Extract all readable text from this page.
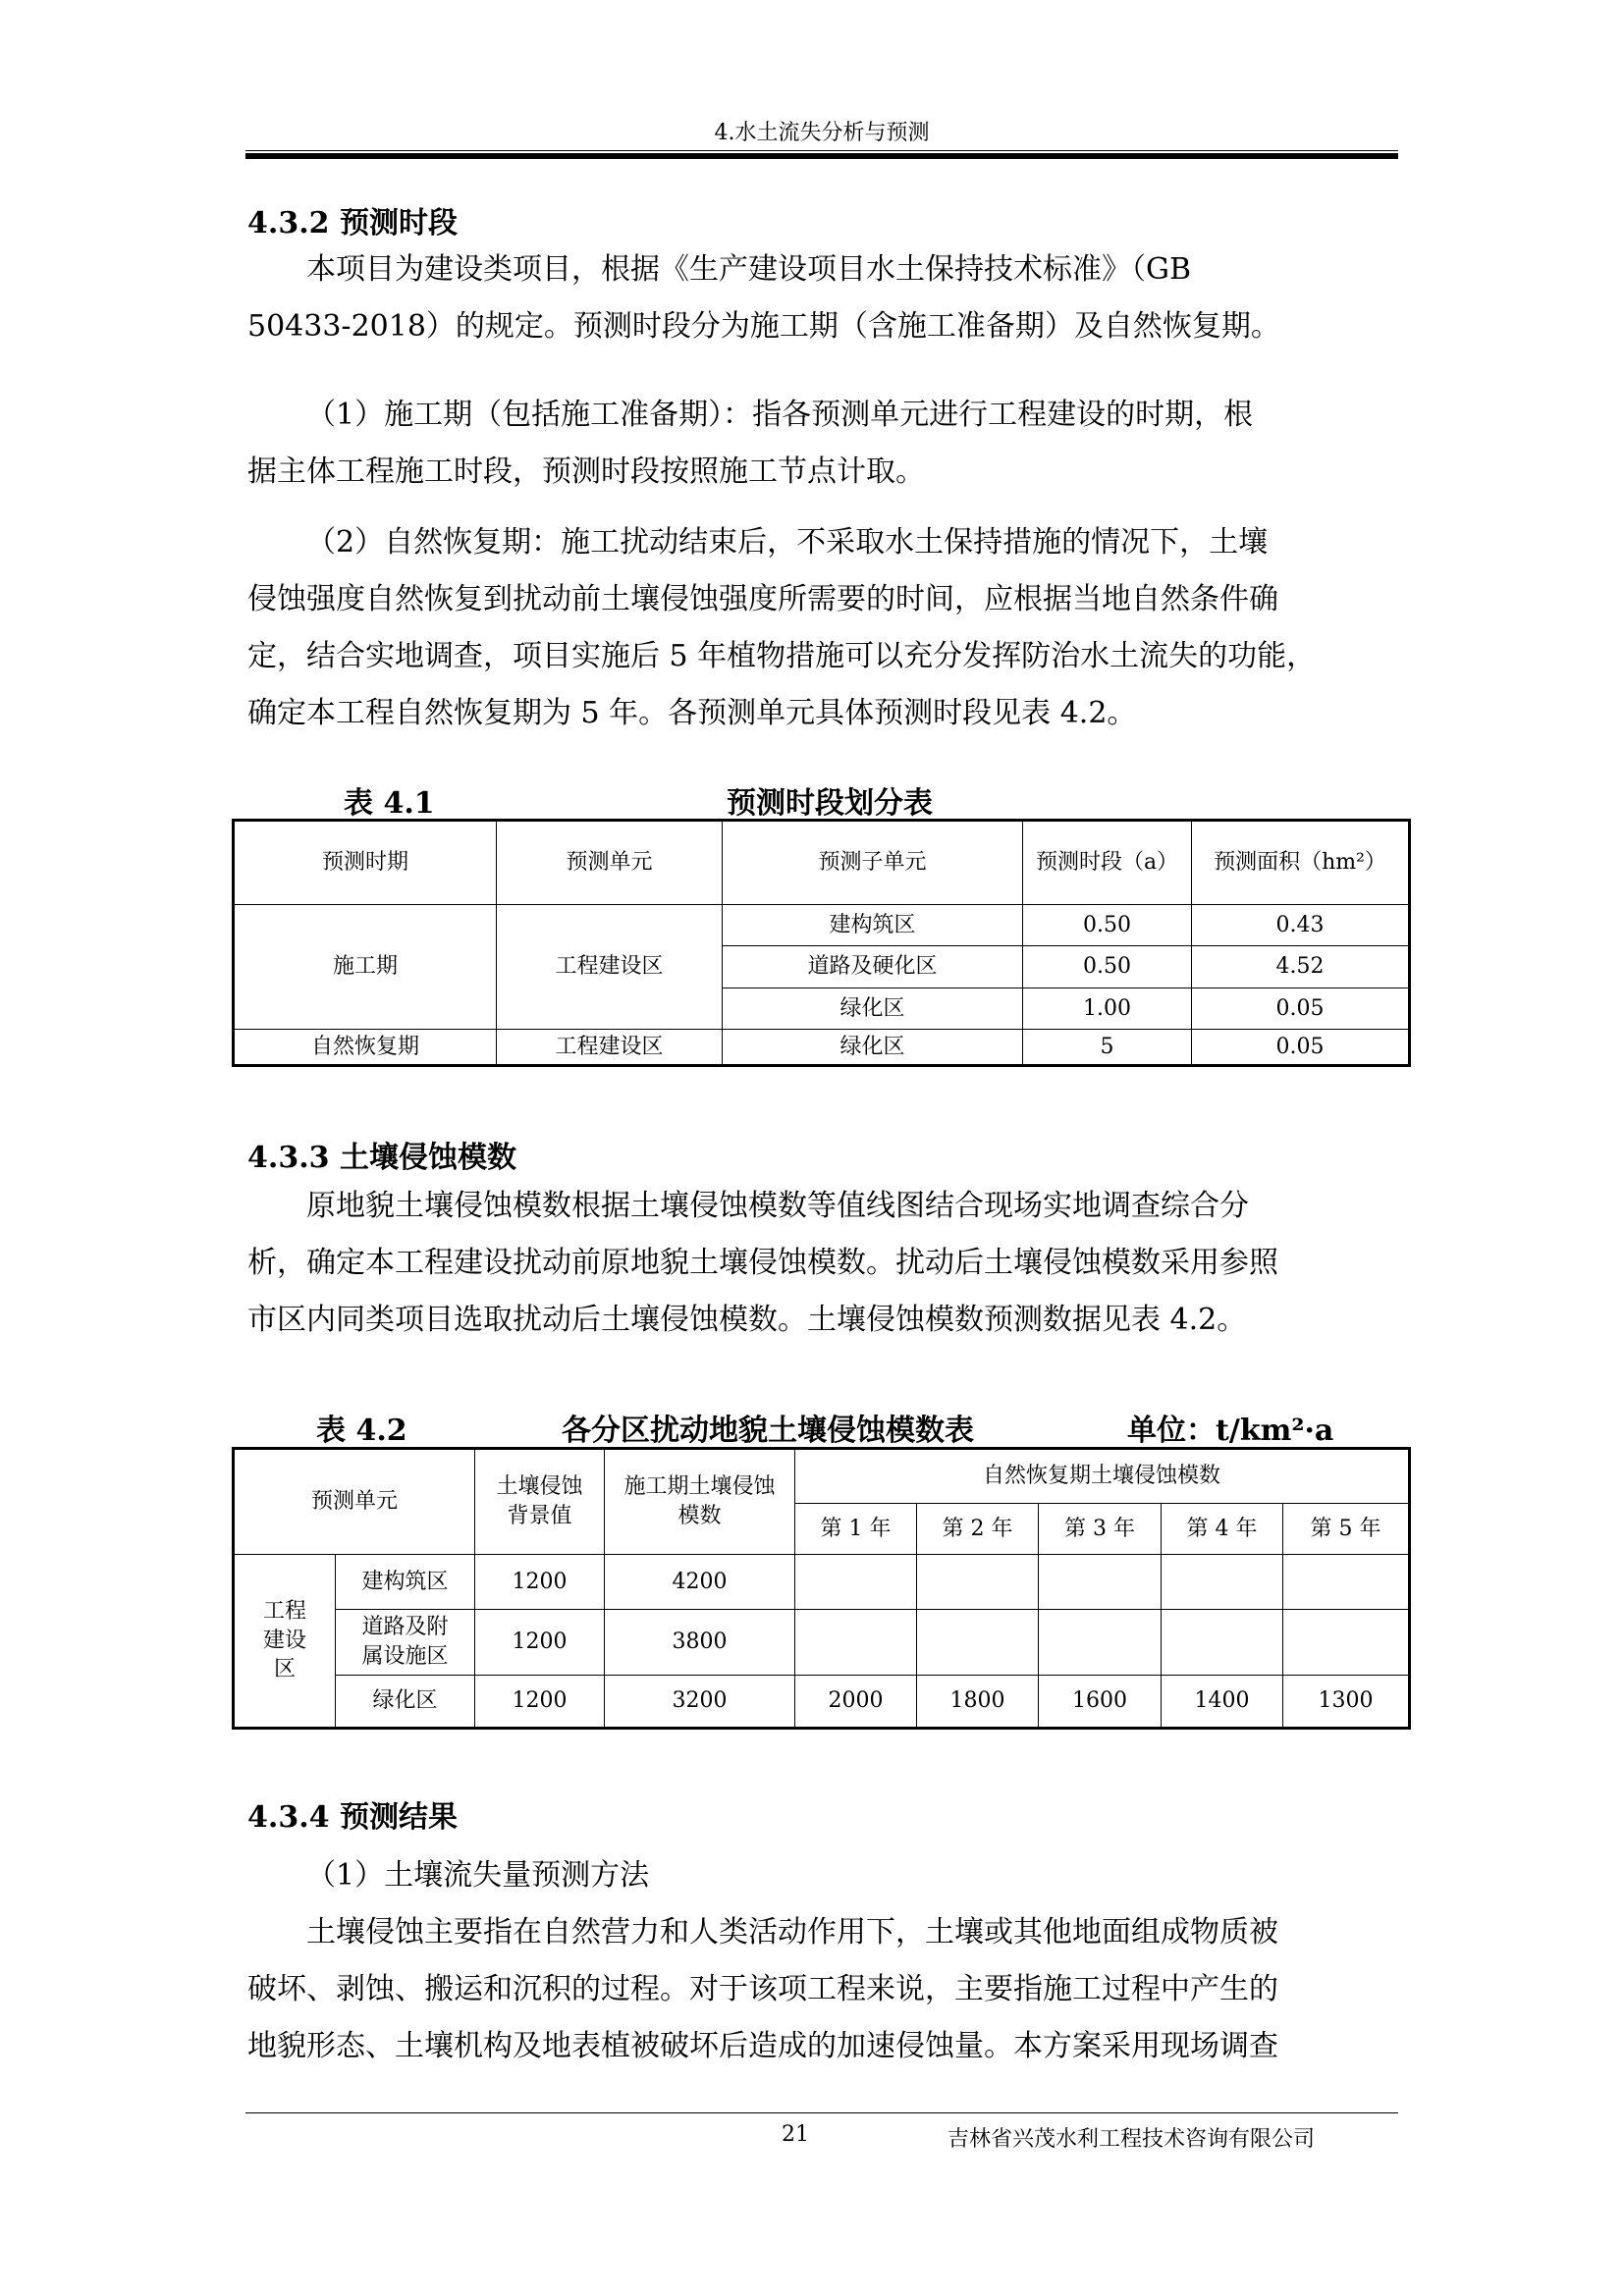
4.水土流失分析与预测
4.3.2 预测时段

本项目为建设类项目，根据《生产建设项目水土保持技术标准》（GB
50433-2018）的规定。预测时段分为施工期（含施工准备期）及自然恢复期。

（1）施工期（包括施工准备期）：指各预测单元进行工程建设的时期，根
据主体工程施工时段，预测时段按照施工节点计取。

（2）自然恢复期：施工扰动结束后，不采取水土保持措施的情况下，土壤
侵蚀强度自然恢复到扰动前土壤侵蚀强度所需要的时间，应根据当地自然条件确
定，结合实地调查，项目实施后 5 年植物措施可以充分发挥防治水土流失的功能，
确定本工程自然恢复期为 5 年。各预测单元具体预测时段见表 4.2。

表 4.1	预测时段划分表
预测时期	预测单元	预测子单元	预测时段（a）	预测面积（hm²）
施工期	工程建设区	建构筑区	0.50	0.43
		道路及硬化区	0.50	4.52
		绿化区	1.00	0.05
自然恢复期	工程建设区	绿化区	5	0.05
4.3.3 土壤侵蚀模数

原地貌土壤侵蚀模数根据土壤侵蚀模数等值线图结合现场实地调查综合分
析，确定本工程建设扰动前原地貌土壤侵蚀模数。扰动后土壤侵蚀模数采用参照
市区内同类项目选取扰动后土壤侵蚀模数。土壤侵蚀模数预测数据见表 4.2。

表 4.2	各分区扰动地貌土壤侵蚀模数表	单位：t/km²·a
预测单元		土壤侵蚀背景值	施工期土壤侵蚀模数	自然恢复期土壤侵蚀模数				
				第 1 年	第 2 年	第 3 年	第 4 年	第 5 年
工程建设区	建构筑区	1200	4200					
	道路及附属设施区	1200	3800					
	绿化区	1200	3200	2000	1800	1600	1400	1300
4.3.4 预测结果

（1）土壤流失量预测方法

土壤侵蚀主要指在自然营力和人类活动作用下，土壤或其他地面组成物质被
破坏、剥蚀、搬运和沉积的过程。对于该项工程来说，主要指施工过程中产生的
地貌形态、土壤机构及地表植被破坏后造成的加速侵蚀量。本方案采用现场调查

21	吉林省兴茂水利工程技术咨询有限公司
